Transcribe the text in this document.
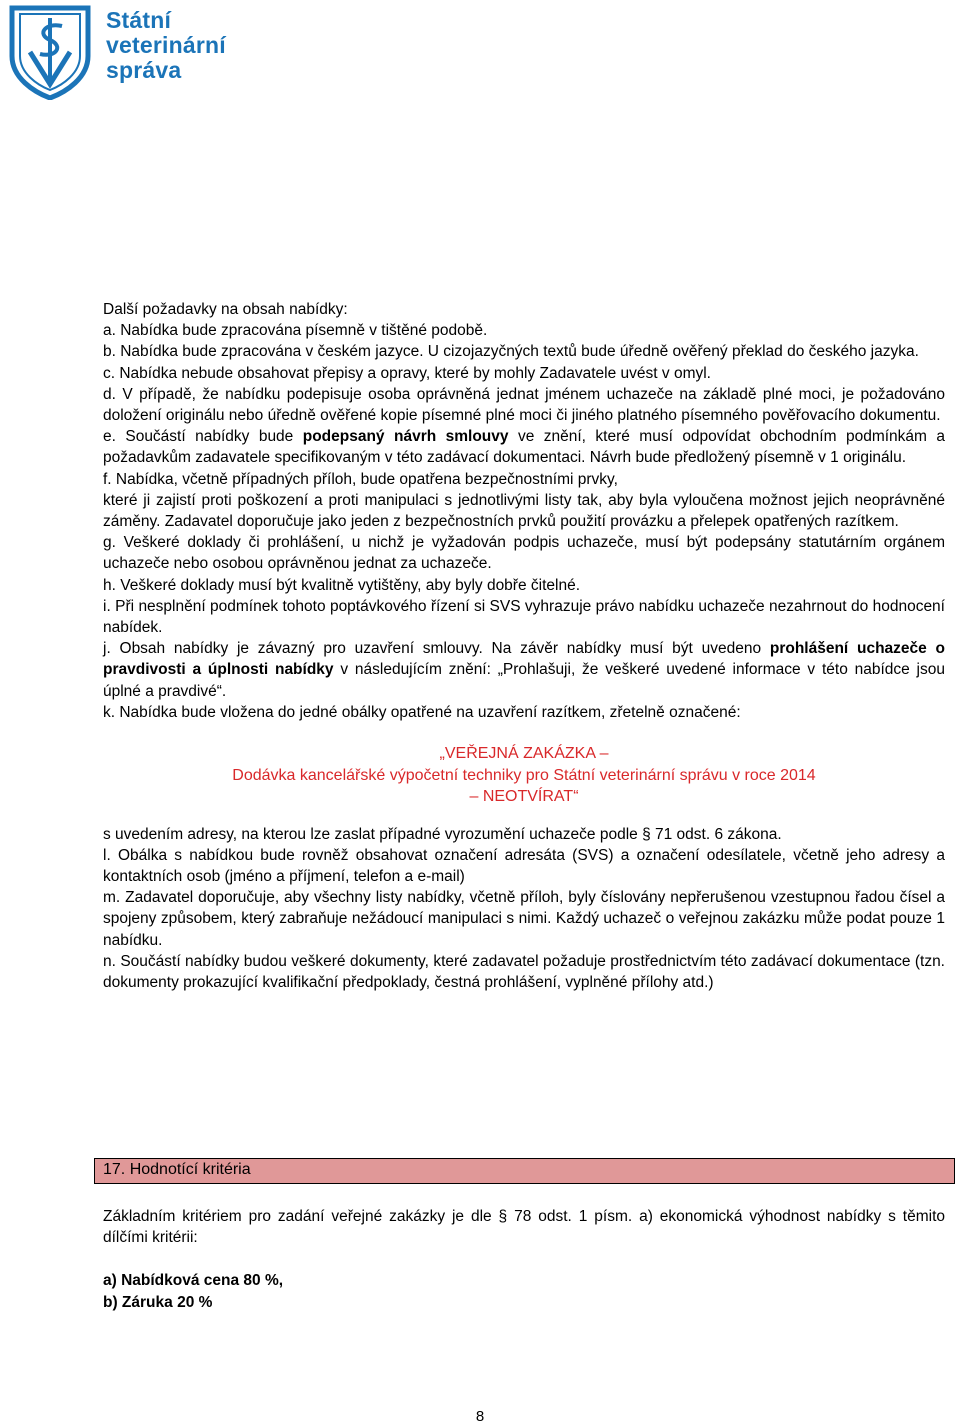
Státní
veterinární
správa

Další požadavky na obsah nabídky:

a. Nabídka bude zpracována písemně v tištěné podobě.

b. Nabídka bude zpracována v českém jazyce. U cizojazyčných textů bude úředně ověřený překlad do českého jazyka.

c. Nabídka nebude obsahovat přepisy a opravy, které by mohly Zadavatele uvést v omyl.

d. V případě, že nabídku podepisuje osoba oprávněná jednat jménem uchazeče na základě plné moci, je požadováno doložení originálu nebo úředně ověřené kopie písemné plné moci či jiného platného písemného pověřovacího dokumentu.

e. Součástí nabídky bude podepsaný návrh smlouvy ve znění, které musí odpovídat obchodním podmínkám a požadavkům zadavatele specifikovaným v této zadávací dokumentaci. Návrh bude předložený písemně v 1 originálu.

f. Nabídka, včetně případných příloh, bude opatřena bezpečnostními prvky,

které ji zajistí proti poškození a proti manipulaci s jednotlivými listy tak, aby byla vyloučena možnost jejich neoprávněné záměny. Zadavatel doporučuje jako jeden z bezpečnostních prvků použití provázku a přelepek opatřených razítkem.

g. Veškeré doklady či prohlášení, u nichž je vyžadován podpis uchazeče, musí být podepsány statutárním orgánem uchazeče nebo osobou oprávněnou jednat za uchazeče.

h. Veškeré doklady musí být kvalitně vytištěny, aby byly dobře čitelné.

i. Při nesplnění podmínek tohoto poptávkového řízení si SVS vyhrazuje právo nabídku uchazeče nezahrnout do hodnocení nabídek.

j. Obsah nabídky je závazný pro uzavření smlouvy. Na závěr nabídky musí být uvedeno prohlášení uchazeče o pravdivosti a úplnosti nabídky v následujícím znění: „Prohlašuji, že veškeré uvedené informace v této nabídce jsou úplné a pravdivé“.

k. Nabídka bude vložena do jedné obálky opatřené na uzavření razítkem, zřetelně označené:

„VEŘEJNÁ ZAKÁZKA –

Dodávka kancelářské výpočetní techniky pro Státní veterinární správu v roce 2014

– NEOTVÍRAT“

s uvedením adresy, na kterou lze zaslat případné vyrozumění uchazeče podle § 71 odst. 6 zákona.

l. Obálka s nabídkou bude rovněž obsahovat označení adresáta (SVS) a označení odesílatele, včetně jeho adresy a kontaktních osob (jméno a příjmení, telefon a e-mail)

m. Zadavatel doporučuje, aby všechny listy nabídky, včetně příloh, byly číslovány nepřerušenou vzestupnou řadou čísel a spojeny způsobem, který zabraňuje nežádoucí manipulaci s nimi. Každý uchazeč o veřejnou zakázku může podat pouze 1 nabídku.

n. Součástí nabídky budou veškeré dokumenty, které zadavatel požaduje prostřednictvím této zadávací dokumentace (tzn. dokumenty prokazující kvalifikační předpoklady, čestná prohlášení, vyplněné přílohy atd.)

17. Hodnotící kritéria

Základním kritériem pro zadání veřejné zakázky je dle § 78 odst. 1 písm. a) ekonomická výhodnost nabídky s těmito dílčími kritérii:

a) Nabídková cena 80 %,
b) Záruka 20 %
8
